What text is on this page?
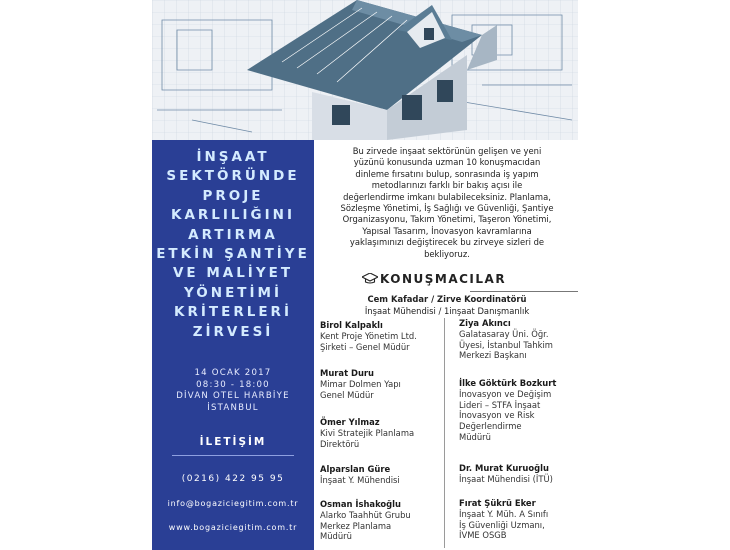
İNŞAAT
SEKTÖRÜNDE
PROJE
KARLILIĞINI
ARTIRMA
ETKİN ŞANTİYE
VE MALİYET
YÖNETİMİ
KRİTERLERİ
ZİRVESİ
14 OCAK 2017
08:30 - 18:00
DİVAN OTEL HARBİYE
İSTANBUL
İLETİŞİM
(0216) 422 95 95
info@bogaziciegitim.com.tr
www.bogaziciegitim.com.tr
Bu zirvede inşaat sektörünün gelişen ve yeni
yüzünü konusunda uzman 10 konuşmacıdan
dinleme fırsatını bulup, sonrasında iş yapım
metodlarınızı farklı bir bakış açısı ile
değerlendirme imkanı bulabileceksiniz. Planlama,
Sözleşme Yönetimi, İş Sağlığı ve Güvenliği, Şantiye
Organizasyonu, Takım Yönetimi, Taşeron Yönetimi,
Yapısal Tasarım, İnovasyon kavramlarına
yaklaşımınızı değiştirecek bu zirveye sizleri de
bekliyoruz.
KONUŞMACILAR
Cem Kafadar / Zirve Koordinatörü
İnşaat Mühendisi / 1inşaat Danışmanlık
Birol Kalpaklı
Kent Proje Yönetim Ltd.
Şirketi – Genel Müdür
Murat Duru
Mimar Dolmen Yapı
Genel Müdür
Ömer Yılmaz
Kivi Stratejik Planlama
Direktörü
Alparslan Güre
İnşaat Y. Mühendisi
Osman İshakoğlu
Alarko Taahhüt Grubu
Merkez Planlama
Müdürü
Ziya Akıncı
Galatasaray Üni. Öğr.
Üyesi, İstanbul Tahkim
Merkezi Başkanı
İlke Göktürk Bozkurt
İnovasyon ve Değişim
Lideri – STFA İnşaat
İnovasyon ve Risk
Değerlendirme
Müdürü
Dr. Murat Kuruoğlu
İnşaat Mühendisi (İTÜ)
Fırat Şükrü Eker
İnşaat Y. Müh. A Sınıfı
İş Güvenliği Uzmanı,
İVME OSGB
